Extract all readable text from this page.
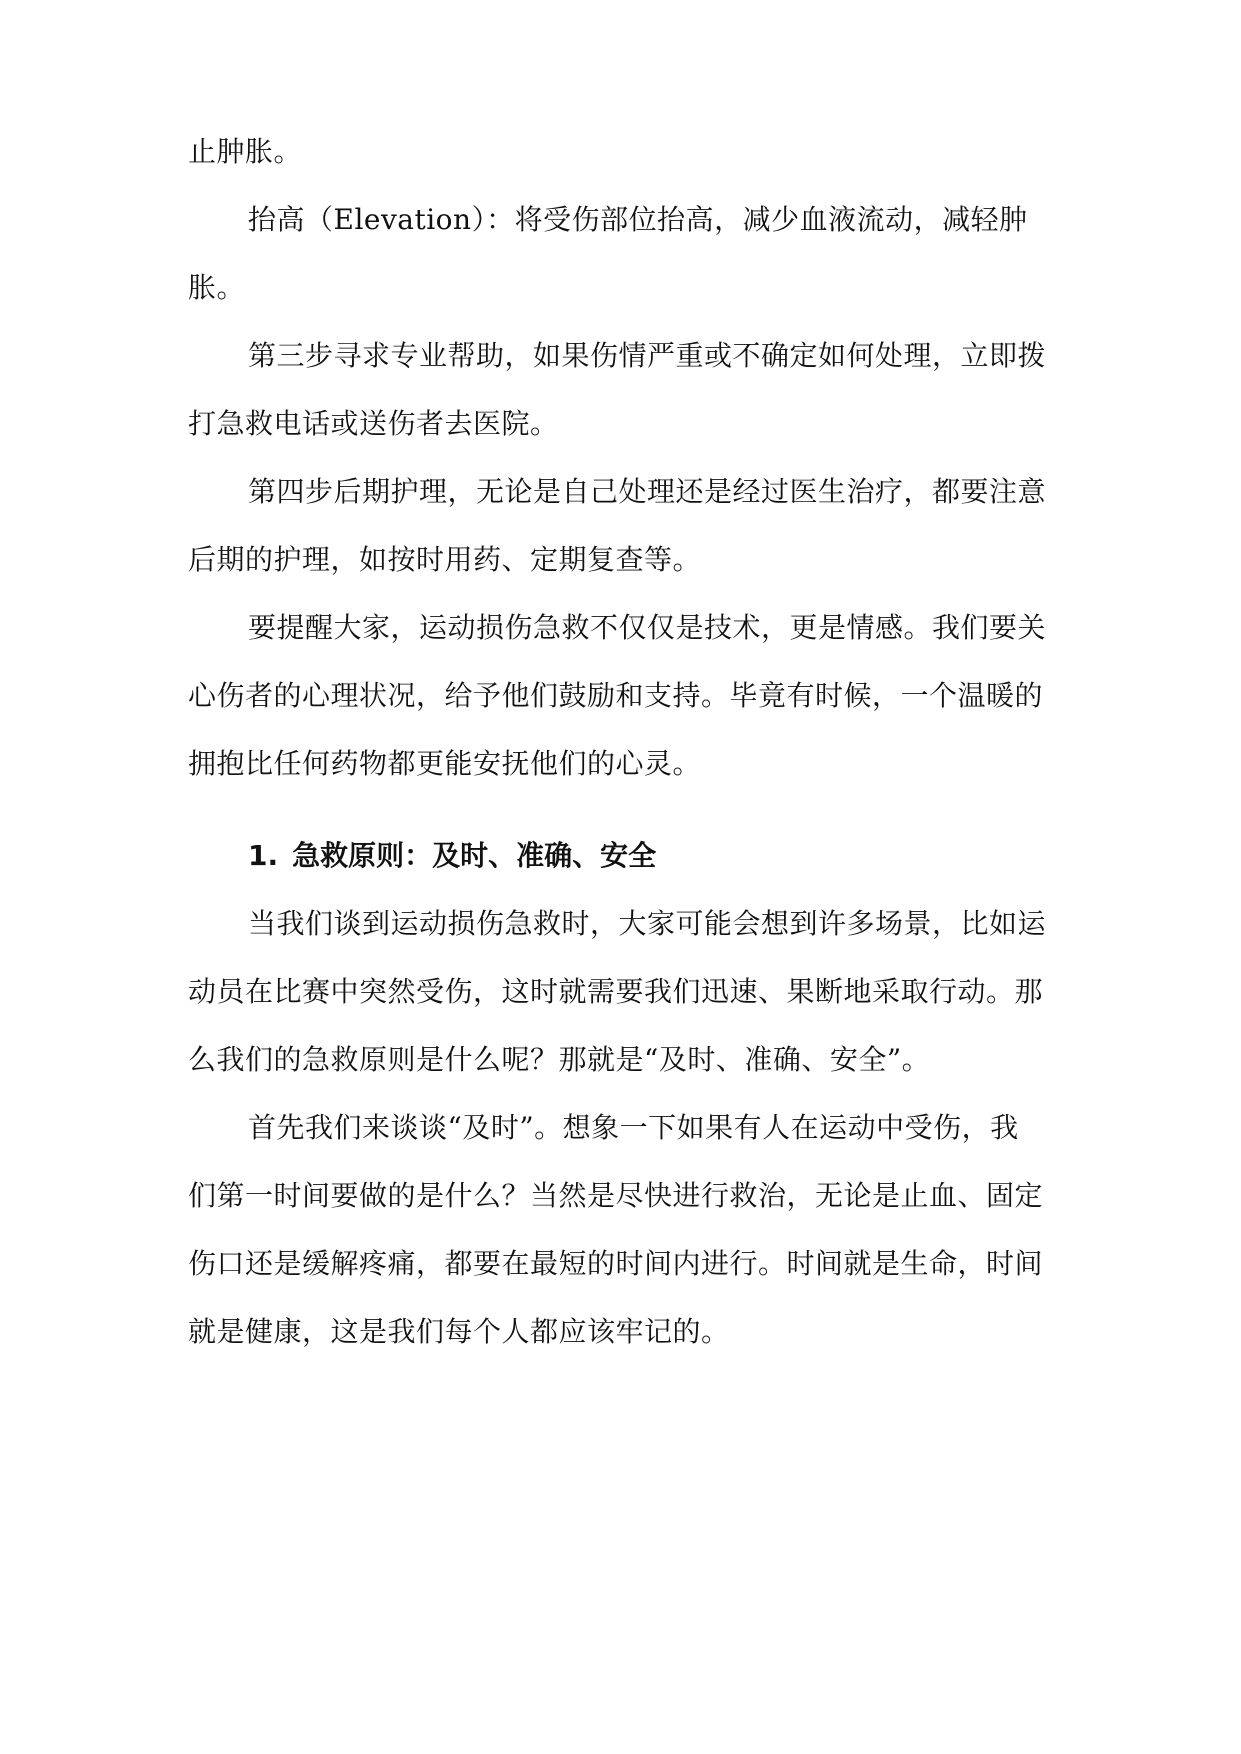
止肿胀。
抬高（Elevation）：将受伤部位抬高，减少血液流动，减轻肿
胀。
第三步寻求专业帮助，如果伤情严重或不确定如何处理，立即拨
打急救电话或送伤者去医院。
第四步后期护理，无论是自己处理还是经过医生治疗，都要注意
后期的护理，如按时用药、定期复查等。
要提醒大家，运动损伤急救不仅仅是技术，更是情感。我们要关
心伤者的心理状况，给予他们鼓励和支持。毕竟有时候，一个温暖的
拥抱比任何药物都更能安抚他们的心灵。
1. 急救原则：及时、准确、安全
当我们谈到运动损伤急救时，大家可能会想到许多场景，比如运
动员在比赛中突然受伤，这时就需要我们迅速、果断地采取行动。那
么我们的急救原则是什么呢？那就是“及时、准确、安全”。
首先我们来谈谈“及时”。想象一下如果有人在运动中受伤，我
们第一时间要做的是什么？当然是尽快进行救治，无论是止血、固定
伤口还是缓解疼痛，都要在最短的时间内进行。时间就是生命，时间
就是健康，这是我们每个人都应该牢记的。
